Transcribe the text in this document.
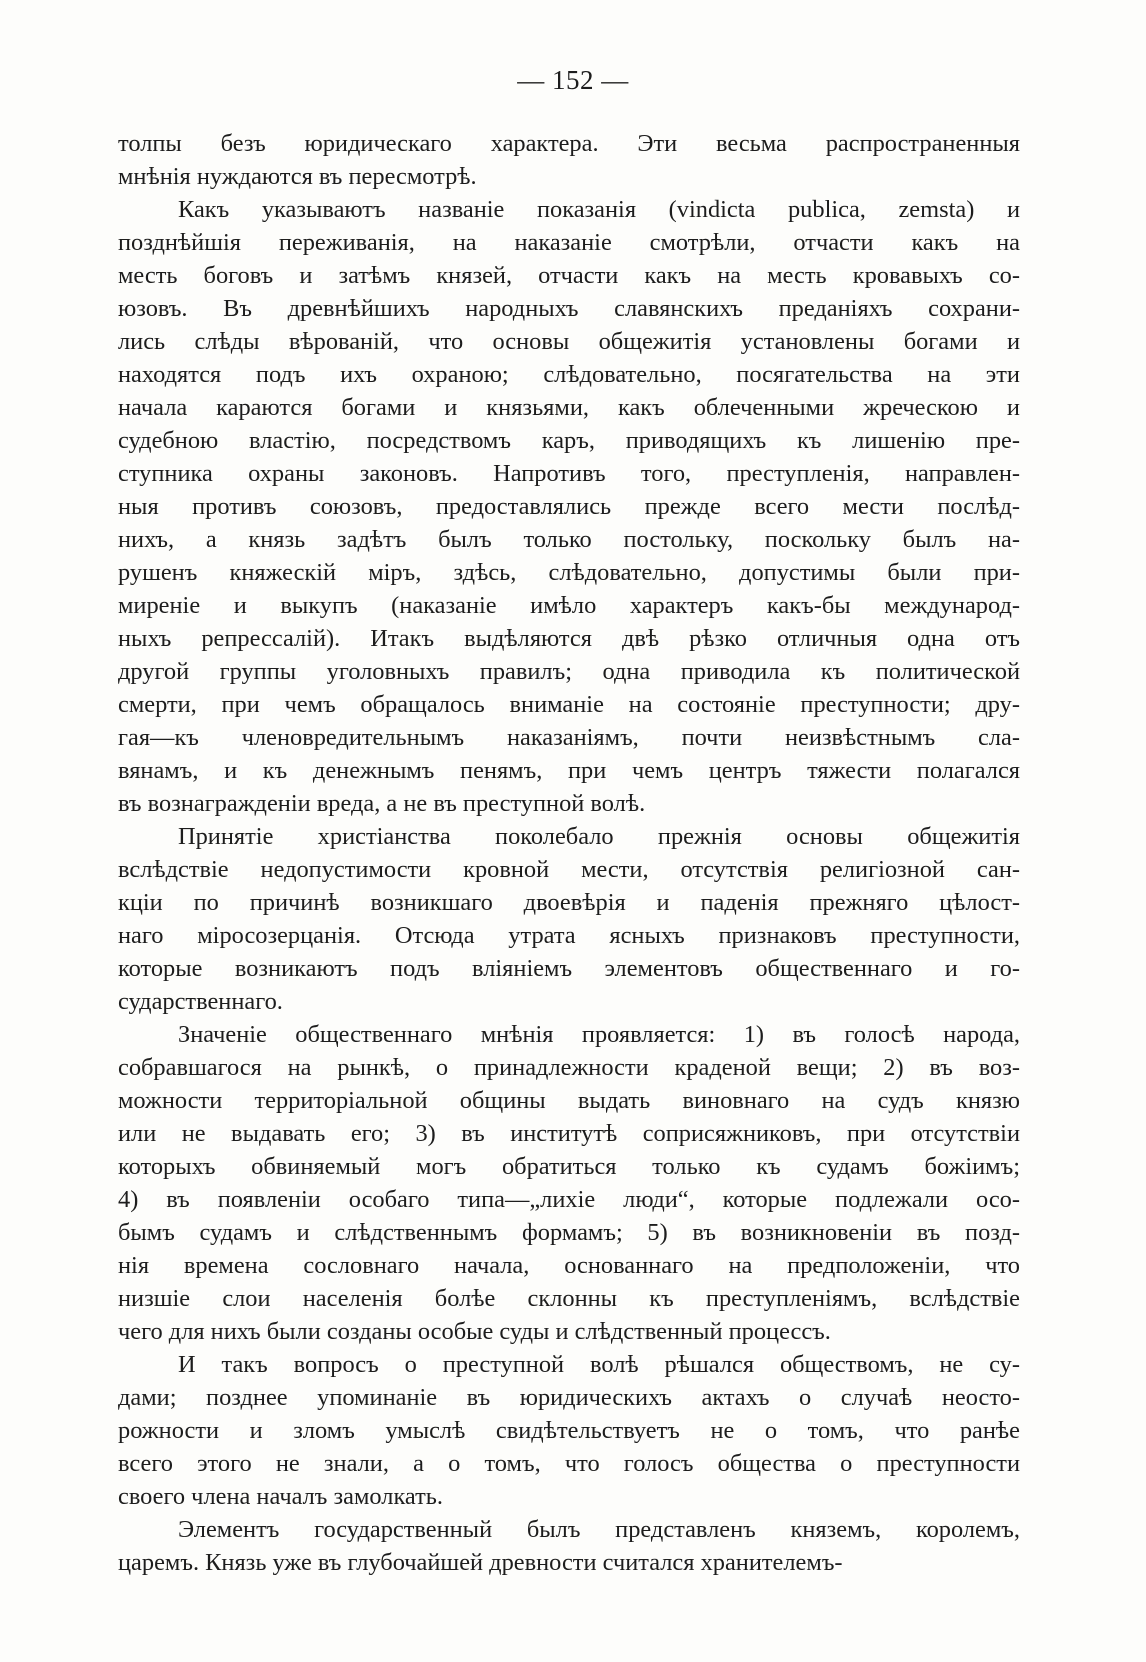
— 152 —
толпы безъ юридическаго характера. Эти весьма распространенныя
мнѣнія нуждаются въ пересмотрѣ.
Какъ указываютъ названіе показанія (vindicta publica, zemsta) и
позднѣйшія переживанія, на наказаніе смотрѣли, отчасти какъ на
месть боговъ и затѣмъ князей, отчасти какъ на месть кровавыхъ со-
юзовъ. Въ древнѣйшихъ народныхъ славянскихъ преданіяхъ сохрани-
лись слѣды вѣрованій, что основы общежитія установлены богами и
находятся подъ ихъ охраною; слѣдовательно, посягательства на эти
начала караются богами и князьями, какъ облеченными жреческою и
судебною властію, посредствомъ каръ, приводящихъ къ лишенію пре-
ступника охраны законовъ. Напротивъ того, преступленія, направлен-
ныя противъ союзовъ, предоставлялись прежде всего мести послѣд-
нихъ, а князь задѣтъ былъ только постольку, поскольку былъ на-
рушенъ княжескій міръ, здѣсь, слѣдовательно, допустимы были при-
миреніе и выкупъ (наказаніе имѣло характеръ какъ-бы международ-
ныхъ репрессалій). Итакъ выдѣляются двѣ рѣзко отличныя одна отъ
другой группы уголовныхъ правилъ; одна приводила къ политической
смерти, при чемъ обращалось вниманіе на состояніе преступности; дру-
гая—къ членовредительнымъ наказаніямъ, почти неизвѣстнымъ сла-
вянамъ, и къ денежнымъ пенямъ, при чемъ центръ тяжести полагался
въ вознагражденіи вреда, а не въ преступной волѣ.
Принятіе христіанства поколебало прежнія основы общежитія
вслѣдствіе недопустимости кровной мести, отсутствія религіозной сан-
кціи по причинѣ возникшаго двоевѣрія и паденія прежняго цѣлост-
наго міросозерцанія. Отсюда утрата ясныхъ признаковъ преступности,
которые возникаютъ подъ вліяніемъ элементовъ общественнаго и го-
сударственнаго.
Значеніе общественнаго мнѣнія проявляется: 1) въ голосѣ народа,
собравшагося на рынкѣ, о принадлежности краденой вещи; 2) въ воз-
можности территоріальной общины выдать виновнаго на судъ князю
или не выдавать его; 3) въ институтѣ соприсяжниковъ, при отсутствіи
которыхъ обвиняемый могъ обратиться только къ судамъ божіимъ;
4) въ появленіи особаго типа—„лихіе люди“, которые подлежали осо-
бымъ судамъ и слѣдственнымъ формамъ; 5) въ возникновеніи въ позд-
нія времена сословнаго начала, основаннаго на предположеніи, что
низшіе слои населенія болѣе склонны къ преступленіямъ, вслѣдствіе
чего для нихъ были созданы особые суды и слѣдственный процессъ.
И такъ вопросъ о преступной волѣ рѣшался обществомъ, не су-
дами; позднее упоминаніе въ юридическихъ актахъ о случаѣ неосто-
рожности и зломъ умыслѣ свидѣтельствуетъ не о томъ, что ранѣе
всего этого не знали, а о томъ, что голосъ общества о преступности
своего члена началъ замолкать.
Элементъ государственный былъ представленъ княземъ, королемъ,
царемъ. Князь уже въ глубочайшей древности считался хранителемъ-
